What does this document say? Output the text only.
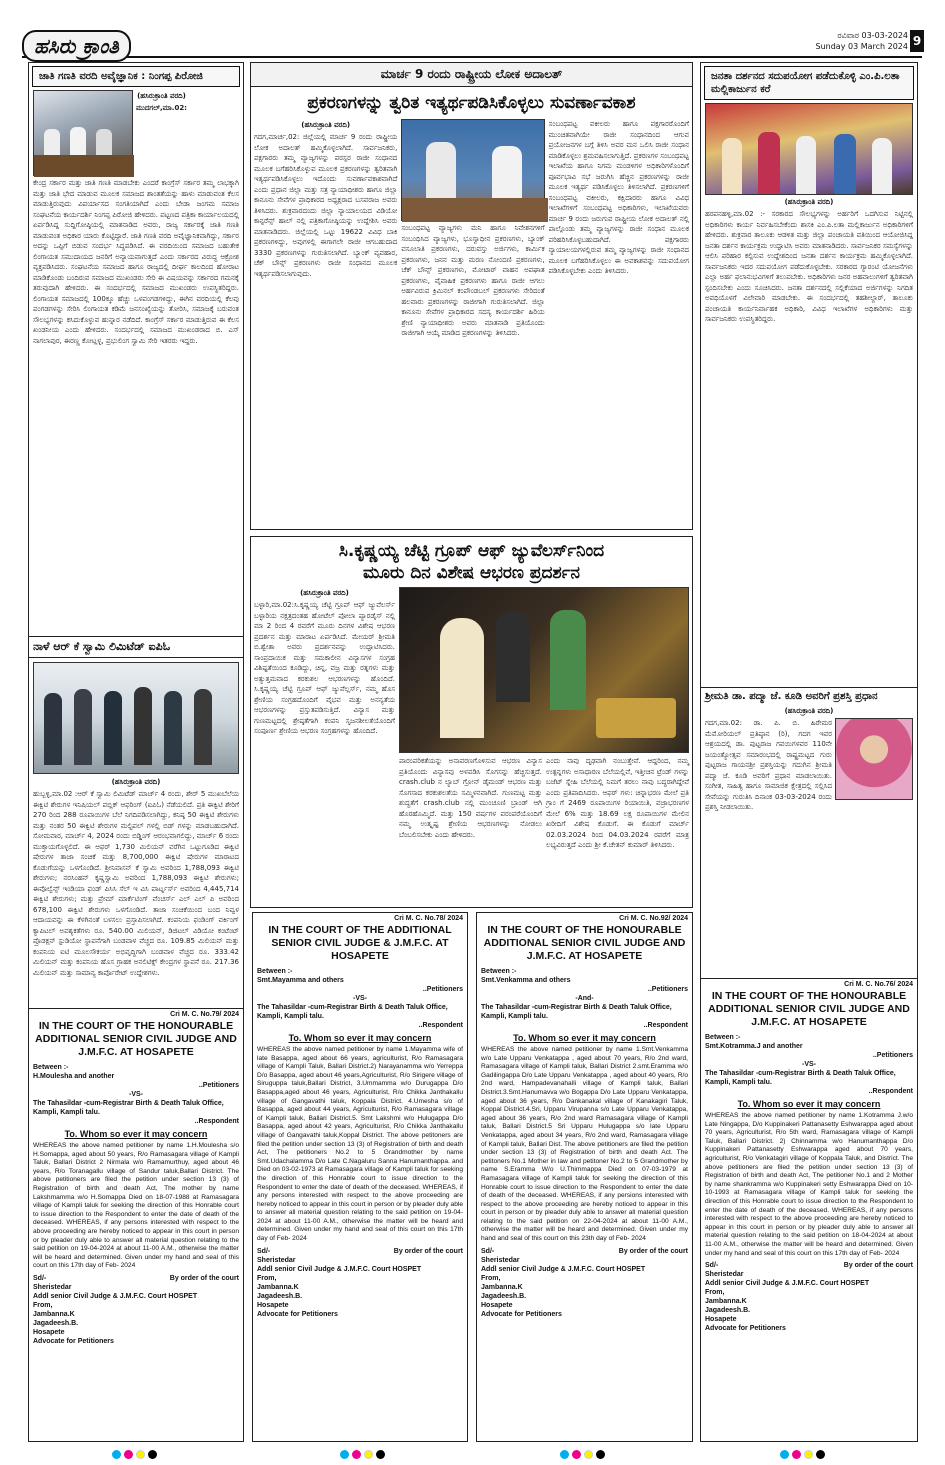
ಹಸಿರು ಕ್ರಾಂತಿ	ರವಿವಾರ 03-03-2024
Sunday 03 March 2024 9
ಜಾತಿ ಗಣತಿ ವರದಿ ಅವೈಜ್ಞಾನಿಕ : ನಿಂಗಪ್ಪ ಪಿರೋಜಿ
(ಹಸಿರುಕ್ರಾಂತಿ ವರದಿ)
ಮುದಗಲ್,ಮಾ.02:
ಕೇಂದ್ರ ಸರ್ಕಾರ ಮತ್ತು ಜಾತಿ ಗಣತಿ ಮಾಡಬೇಕು ಎಂದರೆ ಕಾಂಗ್ರೆಸ್ ಸರ್ಕಾರ ತಮ್ಮ ಲಾಭಕ್ಕಾಗಿ ಮತ್ತು ಜಾತಿ ಭೇದ ಮಾಡುವ ಮೂಲಕ ಸಮಾಜದ ಶಾಂತತೆಯನ್ನು ಹಾಳು ಮಾಡುವಂತ ಕೆಲಸ ಮಾಡುತ್ತಿರುವುದು ವಿಪರ್ಯಾಸದ ಸಂಗತಿಯಾಗಿದೆ ಎಂದು ಬೇಡಾ ಜಂಗಮ ಸಮಾಜ ಸಂಘಟನೆಯ ಕಾರ್ಯದರ್ಶಿ ನಿಂಗಪ್ಪ ಪಿರೋಜಿ ಹೇಳಿದರು. ಪಟ್ಟಣದ ಪತ್ರಿಕಾ ಕಾರ್ಯಾಲಯದಲ್ಲಿ ಏರ್ಪಡಿಸಿದ್ದ ಸುದ್ದಿಗೋಷ್ಠಿಯಲ್ಲಿ ಮಾತನಾಡಿದ ಅವರು, ರಾಜ್ಯ ಸರ್ಕಾರಕ್ಕೆ ಜಾತಿ ಗಣತಿ ಮಾಡುವಂತ ಅಧಿಕಾರ ಯಾರು ಕೊಟ್ಟಿದ್ದಾರೆ. ಜಾತಿ ಗಣತಿ ವರದಿ ಅವೈಜ್ಞಾನಿಕವಾಗಿದ್ದು, ಸರ್ಕಾರ ಅದನ್ನು ಒಪ್ಪಿಗೆ ಬಿಡುವ ಸಂದರ್ಭ ಸಿದ್ಧಪಡಿಸಿದೆ. ಈ ವರದಿಯಿಂದ ಸಮಾಜದ ಬಹುತೇಕ ಲಿಂಗಾಯತ ಸಮುದಾಯದ ಜನರಿಗೆ ಅನ್ಯಾಯವಾಗುತ್ತದೆ ಎಂದು ಸರ್ಕಾರದ ವಿರುದ್ಧ ಆಕ್ರೋಶ ವ್ಯಕ್ತಪಡಿಸಿದರು. ಸಂಘಟನೆಯ ಸಮಾಜದ ಹಾಗೂ ರಾಜ್ಯದಲ್ಲಿ ದೀರ್ಘ ಕಾಲದಿಂದ ಹೋರಾಟ ಮಾಡಿಕೊಂಡು ಬಂದಿರುವ ಸಮಾಜದ ಮುಖಂಡರು ಸೇರಿ ಈ ವಿಷಯವನ್ನು ಸರ್ಕಾರದ ಗಮನಕ್ಕೆ ತರುವುದಾಗಿ ಹೇಳಿದರು. ಈ ಸಂದರ್ಭದಲ್ಲಿ ಸಮಾಜದ ಮುಖಂಡರು ಉಪಸ್ಥಿತರಿದ್ದರು. ಲಿಂಗಾಯತ ಸಮಾಜದಲ್ಲಿ 100ಕ್ಕೂ ಹೆಚ್ಚು ಒಳಪಂಗಡಗಳಿದ್ದು, ಈಗಿನ ವರದಿಯಲ್ಲಿ ಕೆಲವು ಪಂಗಡಗಳನ್ನು ಸೇರಿಸಿ ಲಿಂಗಾಯತ ಕಡಿಮೆ ಜನಸಂಖ್ಯೆಯನ್ನು ತೋರಿಸಿ, ಸಮಾಜಕ್ಕೆ ಬರುವಂತ ಸೌಲಭ್ಯಗಳನ್ನು ಕಸಿದುಕೊಳ್ಳುವ ಹುನ್ನಾರ ನಡೆದಿದೆ. ಕಾಂಗ್ರೆಸ್ ಸರ್ಕಾರ ಮಾಡುತ್ತಿರುವ ಈ ಕೆಲಸ ಖಂಡನೀಯ ಎಂದು ಹೇಳಿದರು. ಸಂದರ್ಭದಲ್ಲಿ ಸಮಾಜದ ಮುಖಂಡರಾದ ಬಿ. ಎಸ್ ನಾಗಲಾಪುರ, ಈರಣ್ಣ ಕೋಟ್ಲಳ್ಳ, ಪ್ರಭುಲಿಂಗ ಸ್ವಾಮಿ ಸೇರಿ ಇತರರು ಇದ್ದರು.
ನಾಳೆ ಆರ್ ಕೆ ಸ್ವಾಮಿ ಲಿಮಿಟೆಡ್ ಐಪಿಓ
(ಹಸಿರುಕ್ರಾಂತಿ ವರದಿ)
ಹುಬ್ಬಳ್ಳಿ,ಮಾ.02 :ಆರ್ ಕೆ ಸ್ವಾಮಿ ಲಿಮಿಟೆಡ್ ಮಾರ್ಚ್ 4 ರಂದು, ಶೇರ್ 5 ಮುಖಬೆಲೆಯ ಈಕ್ವಿಟಿ ಶೇರುಗಳ ಇನಿಷಿಯಲ್ ಪಬ್ಲಿಕ್ ಆಫರಿಂಗ್ (ಐಪಿಓ) ನೆಡೆಯಲಿದೆ. ಪ್ರತಿ ಈಕ್ವಿಟಿ ಶೇರಿಗೆ 270 ರಿಂದ 288 ರೂಪಾಯಿಗಳ ಬೆಲೆ ನಿಗದಿಪಡಿಸಲಾಗಿದ್ದು, ಕನಿಷ್ಠ 50 ಈಕ್ವಿಟಿ ಶೇರುಗಳು ಮತ್ತು ನಂತರ 50 ಈಕ್ವಿಟಿ ಶೇರುಗಳ ಮಲ್ಟಿಪಲ್ ಗಳಲ್ಲಿ ಬಿಡ್ ಗಳನ್ನು ಮಾಡಬಹುದಾಗಿದೆ. ಸೋಮವಾರ, ಮಾರ್ಚ್ 4, 2024 ರಂದು ಬಿಡ್ಡಿಂಗ್ ಆರಂಭವಾಗಲಿದ್ದು, ಮಾರ್ಚ್ 6 ರಂದು ಮುಕ್ತಾಯಗೊಳ್ಳಲಿದೆ. ಈ ಆಫರ್ 1,730 ಮಿಲಿಯನ್ ವರೆಗಿನ ಒಟ್ಟುಗೂಡಿದ ಈಕ್ವಿಟಿ ಷೇರುಗಳ ತಾಜಾ ಸಂಚಿಕೆ ಮತ್ತು 8,700,000 ಈಕ್ವಿಟಿ ಷೇರುಗಳ ಮಾರಾಟದ ಕೊಡುಗೆಯನ್ನು ಒಳಗೊಂಡಿದೆ. ಶ್ರೀನಿವಾಸನ್ ಕೆ ಸ್ವಾಮಿ ಅವರಿಂದ 1,788,093 ಈಕ್ವಿಟಿ ಶೇರುಗಳು; ನರಸಿಂಹನ್ ಕೃಷ್ಣಸ್ವಾಮಿ ಅವರಿಂದ 1,788,093 ಈಕ್ವಿಟಿ ಶೇರುಗಳು; ಈವೊಲ್ವೆನ್ಸ್ ಇಂಡಿಯಾ ಫಂಡ್ ಪಿಸಿಸಿ ಸೆಲ್ ಇ ವಿಸಿ ಪಾರ್ಟ್ನರ್ಸ್ ಅವರಿಂದ 4,445,714 ಈಕ್ವಿಟಿ ಶೇರುಗಳು; ಮತ್ತು ಪ್ರೇಮ್ ಮಾರ್ಕೆಟಿಂಗ್ ವೆಂಚರ್ಸ್ ಎಲ್ ಎಲ್ ಪಿ ಅವರಿಂದ 678,100 ಈಕ್ವಿಟಿ ಶೇರುಗಳು ಒಳಗೊಂಡಿದೆ. ತಾಜಾ ಸಂಚಿಕೆಯಿಂದ ಬಂದ ನಿವ್ವಳ ಆದಾಯವನ್ನು ಈ ಕೆಳಗಿನಂತೆ ಬಳಸಲು ಪ್ರಸ್ತಾಪಿಸಲಾಗಿದೆ. ಕಂಪನಿಯ ಫಂಡಿಂಗ್ ವರ್ಕಿಂಗ್ ಕ್ಯಾಪಿಟಲ್ ಅವಶ್ಯಕತೆಗಳು ರೂ. 540.00 ಮಿಲಿಯನ್, ಡಿಜಿಟಲ್ ವಿಡಿಯೋ ಕಂಟೆಂಟ್ ಪ್ರೊಡಕ್ಷನ್ ಸ್ಟುಡಿಯೋ ಸ್ಥಾಪನೆಗಾಗಿ ಬಂಡವಾಳ ವೆಚ್ಚದ ರೂ. 109.85 ಮಿಲಿಯನ್ ಮತ್ತು ಕಂಪನಿಯ ಐಟಿ ಮೂಲಸೌಕರ್ಯ ಅಭಿವೃದ್ಧಿಗಾಗಿ ಬಂಡವಾಳ ವೆಚ್ಚದ ರೂ. 333.42 ಮಿಲಿಯನ್ ಮತ್ತು ಕಂಪನಿಯ ಹೊಸ ಗ್ರಾಹಕ ಅನಲಿಟಿಕ್ಸ್ ಕೇಂದ್ರಗಳ ಸ್ಥಾಪನೆ ರೂ. 217.36 ಮಿಲಿಯನ್ ಮತ್ತು ಸಾಮಾನ್ಯ ಕಾರ್ಪೊರೇಟ್ ಉದ್ದೇಶಗಳು.
ಮಾರ್ಚ 9 ರಂದು ರಾಷ್ಟ್ರೀಯ ಲೋಕ ಅದಾಲತ್
ಪ್ರಕರಣಗಳನ್ನು ತ್ವರಿತ ಇತ್ಯರ್ಥಪಡಿಸಿಕೊಳ್ಳಲು ಸುವರ್ಣಾವಕಾಶ
(ಹಸಿರುಕ್ರಾಂತಿ ವರದಿ)
ಗದಗ,ಮಾರ್ಚ,02: ಜಿಲ್ಲೆಯಲ್ಲಿ ಮಾರ್ಚ 9 ರಂದು ರಾಷ್ಟ್ರೀಯ ಲೋಕ ಅದಾಲತ್ ಹಮ್ಮಿಕೊಳ್ಳಲಾಗಿದೆ. ಸಾರ್ವಜನಿಕರು, ಪಕ್ಷಗಾರರು ತಮ್ಮ ವ್ಯಾಜ್ಯಗಳನ್ನು ಪರಸ್ಪರ ರಾಜೀ ಸಂಧಾನದ ಮೂಲಕ ಬಗೆಹರಿಸಿಕೊಳ್ಳುವ ಮೂಲಕ ಪ್ರಕರಣಗಳನ್ನು ತ್ವರಿತವಾಗಿ ಇತ್ಯರ್ಥಪಡಿಸಿಕೊಳ್ಳಲು ಇದೊಂದು ಸುವರ್ಣಾವಕಾಶವಾಗಿದೆ ಎಂದು ಪ್ರಧಾನ ಜಿಲ್ಲಾ ಮತ್ತು ಸತ್ರ ನ್ಯಾಯಾಧೀಶರು ಹಾಗೂ ಜಿಲ್ಲಾ ಕಾನೂನು ಸೇವೆಗಳ ಪ್ರಾಧಿಕಾರದ ಅಧ್ಯಕ್ಷರಾದ ಬಸವರಾಜ ಅವರು ತಿಳಿಸಿದರು. ಶುಕ್ರವಾರದಂದು ಜಿಲ್ಲಾ ನ್ಯಾಯಾಲಯದ ವಿಡಿಯೋ ಕಾನ್ಫರೆನ್ಸ್ ಹಾಲ್ ನಲ್ಲಿ ಪತ್ರಿಕಾಗೋಷ್ಠಿಯನ್ನು ಉದ್ದೇಶಿಸಿ ಅವರು ಮಾತನಾಡಿದರು. ಜಿಲ್ಲೆಯಲ್ಲಿ ಒಟ್ಟು 19622 ವಿವಿಧ ಬಾಕಿ ಪ್ರಕರಣಗಳಿದ್ದು, ಅವುಗಳಲ್ಲಿ ಈಗಾಗಲೇ ರಾಜೀ ಆಗಬಹುದಾದ 3330 ಪ್ರಕರಣಗಳನ್ನು ಗುರುತಿಸಲಾಗಿದೆ. ಬ್ಯಾಂಕ್ ವ್ಯವಹಾರ, ಚೆಕ್ ಬೌನ್ಸ್ ಪ್ರಕರಣಗಳು ರಾಜೀ ಸಂಧಾನದ ಮೂಲಕ ಇತ್ಯರ್ಥಪಡಿಸಲಾಗುವುದು.
ಸಂಬಂಧಪಟ್ಟ ವ್ಯಾಜ್ಯಗಳು ಮನಿ ಹಾಗೂ ನಿವೇಶನಗಳಿಗೆ ಸಂಬಂಧಿಸಿದ ವ್ಯಾಜ್ಯಗಳು, ಭೂಸ್ವಾಧೀನ ಪ್ರಕರಣಗಳು, ಬ್ಯಾಂಕ್ ವಸೂಲಾತಿ ಪ್ರಕರಣಗಳು, ದರುವಸ್ತು ಅರ್ಜಿಗಳು, ಕಾರ್ಮಿಕ ಪ್ರಕರಣಗಳು, ಜನನ ಮತ್ತು ಮರಣ ನೋಂದಣಿ ಪ್ರಕರಣಗಳು, ಚೆಕ್ ಬೌನ್ಸ್ ಪ್ರಕರಣಗಳು, ಮೋಟಾರ್ ವಾಹನ ಅಪಘಾತ ಪ್ರಕರಣಗಳು, ವೈವಾಹಿಕ ಪ್ರಕರಣಗಳು ಹಾಗೂ ರಾಜೀ ಆಗಲು ಅರ್ಹವಿರುವ ಕ್ರಿಮಿನಲ್ ಕಂಪೌಂಡಬಲ್ ಪ್ರಕರಣಗಳು ಸೇರಿದಂತೆ ಹಲವಾರು ಪ್ರಕರಣಗಳನ್ನು ರಾಜೀಗಾಗಿ ಗುರುತಿಸಲಾಗಿದೆ. ಜಿಲ್ಲಾ ಕಾನೂನು ಸೇವೆಗಳ ಪ್ರಾಧಿಕಾರದ ಸದಸ್ಯ ಕಾರ್ಯದರ್ಶಿ ಹಿರಿಯ ಶ್ರೇಣಿ ನ್ಯಾಯಾಧೀಶರು ಅವರು ಮಾತನಾಡಿ ಪ್ರತಿಯೊಂದು ರಾಜೀಗಾಗಿ ಆಯ್ಕೆ ಮಾಡಿದ ಪ್ರಕರಣಗಳನ್ನು ತಿಳಿಸಿದರು.
ಸಂಬಂಧಪಟ್ಟ ವಕೀಲರು ಹಾಗೂ ಪಕ್ಷಗಾರರೊಂದಿಗೆ ಮುಂಚಿತವಾಗಿಯೇ ರಾಜೀ ಸಂಧಾನದಿಂದ ಆಗುವ ಪ್ರಯೋಜನಗಳ ಬಗ್ಗೆ ತಿಳಿಸಿ ಅವರ ಮನ ಒಲಿಸಿ ರಾಜೀ ಸಂಧಾನ ಮಾಡಿಕೊಳ್ಳಲು ಶ್ರಮವಹಿಸಲಾಗುತ್ತಿದೆ. ಪ್ರಕರಣಗಳ ಸಂಬಂಧಪಟ್ಟ ಇಲಾಖೆಯ ಹಾಗೂ ನಿಗಮ ಮಂಡಳಿಗಳ ಅಧಿಕಾರಿಗಳೊಂದಿಗೆ ಪೂರ್ವಭಾವಿ ಸಭೆ ಜರುಗಿಸಿ ಹೆಚ್ಚಿನ ಪ್ರಕರಣಗಳನ್ನು ರಾಜೀ ಮೂಲಕ ಇತ್ಯರ್ಥ ಪಡಿಸಿಕೊಳ್ಳಲು ತಿಳಿಸಲಾಗಿದೆ. ಪ್ರಕರಣಗಳಿಗೆ ಸಂಬಂಧಪಟ್ಟ ವಕೀಲರು, ಕಕ್ಷಿದಾರರು ಹಾಗೂ ವಿವಿಧ ಇಲಾಖೆಗಳಿಗೆ ಸಂಬಂಧಪಟ್ಟ ಅಧಿಕಾರಿಗಳು, ಇಲಾಖೆಯವರು ಮಾರ್ಚ 9 ರಂದು ಜರುಗುವ ರಾಷ್ಟ್ರೀಯ ಲೋಕ ಅದಾಲತ್ ನಲ್ಲಿ ಪಾಲ್ಗೊಂಡು ತಮ್ಮ ವ್ಯಾಜ್ಯಗಳನ್ನು ರಾಜೀ ಸಂಧಾನ ಮೂಲಕ ಪರಿಹರಿಸಿಕೊಳ್ಳಬಹುದಾಗಿದೆ. ಪಕ್ಷಗಾರರು ನ್ಯಾಯಾಲಯಗಳಲ್ಲಿರುವ ತಮ್ಮ ವ್ಯಾಜ್ಯಗಳನ್ನು ರಾಜೀ ಸಂಧಾನದ ಮೂಲಕ ಬಗೆಹರಿಸಿಕೊಳ್ಳಲು ಈ ಅವಕಾಶವನ್ನು ಸದುಪಯೋಗ ಪಡಿಸಿಕೊಳ್ಳಬೇಕು ಎಂದು ತಿಳಿಸಿದರು.
ಸಿ.ಕೃಷ್ಣಯ್ಯ ಚೆಟ್ಟಿ ಗ್ರೂಪ್ ಆಫ್ ಜ್ಯುವೆಲರ್ಸ್‌ನಿಂದ
ಮೂರು ದಿನ ವಿಶೇಷ ಆಭರಣ ಪ್ರದರ್ಶನ
(ಹಸಿರುಕ್ರಾಂತಿ ವರದಿ)
ಬಳ್ಳಾರಿ,ಮಾ.02:ಸಿ.ಕೃಷ್ಣಯ್ಯ ಚೆಟ್ಟಿ ಗ್ರೂಪ್ ಆಫ್ ಜ್ಯುವೆಲರ್ಸ್ ಬಳ್ಳಾರಿಯ ನಕ್ಷತ್ರದಂತಹ ಹೋಟೆಲ್ ಪೋಲಾ ಪ್ಯಾರಡೈಸ್ ನಲ್ಲಿ ಮಾ 2 ರಿಂದ 4 ರವರೆಗೆ ಮೂರು ದಿನಗಳ ವಿಶೇಷ ಆಭರಣ ಪ್ರದರ್ಶನ ಮತ್ತು ಮಾರಾಟ ಏರ್ಪಡಿಸಿದೆ. ಮೇಯರ್ ಶ್ರೀಮತಿ ಬಿ.ಶ್ವೇತಾ ಅವರು ಪ್ರದರ್ಶನವನ್ನು ಉದ್ಘಾಟಿಸಿದರು. ಸಾಂಪ್ರದಾಯಿಕ ಮತ್ತು ಸಮಕಾಲೀನ ವಿನ್ಯಾಸಗಳ ಸಂಗ್ರಹ ವಿಶಿಷ್ಟತೆಯಿಂದ ಕೂಡಿದ್ದು, ಚಿನ್ನ, ವಜ್ರ ಮತ್ತು ರತ್ನಗಳು ಮತ್ತು ಅತ್ಯುತ್ತಮವಾದ ಕರಕುಶಲ ಆಭರಣಗಳನ್ನು ಹೊಂದಿದೆ. ಸಿ.ಕೃಷ್ಣಯ್ಯ ಚೆಟ್ಟಿ ಗ್ರೂಪ್ ಆಫ್ ಜ್ಯುವೆಲ್ಲರ್ಸ್, ನಮ್ಮ ಹೊಸ ಶ್ರೇಣಿಯ ಸಂಗ್ರಹದೊಂದಿಗೆ ವೈಭವ ಮತ್ತು ಅನನ್ಯತೆಯ ಆಭರಣಗಳನ್ನು ಪ್ರಸ್ತುತಪಡಿಸುತ್ತಿದೆ. ವಿನ್ಯಾಸ ಮತ್ತು ಗುಣಮಟ್ಟದಲ್ಲಿ ಶ್ರೇಷ್ಠತೆಗಾಗಿ ಕಂಪನಿ ಸೃಜನಶೀಲತೆಯೊಂದಿಗೆ ಸಂಪೂರ್ಣ ಶ್ರೇಣಿಯ ಆಭರಣ ಸಂಗ್ರಹಗಳನ್ನು ಹೊಂದಿದೆ.
ಪಾರಂಪರಿಕತೆಯನ್ನು ಅನಾವರಣಗೊಳಿಸುವ ಆಭರಣ ವಿನ್ಯಾಸ ಪ್ರತಿಯೊಂದು ವಿನ್ಯಾಸವು ಅಳವಡಿಸಿ ಸೊಗಸನ್ನು ಹೆಚ್ಚಿಸುತ್ತದೆ. crash.club ನ ಲ್ಯಾಬ್ ಗ್ರೋನ್ ಡೈಮಂಡ್ ಆಭರಣ ಮತ್ತು ಸೊಗಸಾದ ಕರಕುಶಲತೆಯ ಸಮ್ಮಿಳನವಾಗಿದೆ. ಗುಣಮಟ್ಟ ಮತ್ತು ಶುದ್ಧತೆಗೆ crash.club ನಲ್ಲಿ ಮುಂಚೂಣಿ ಬ್ರಾಂಡ್ ಆಗಿ ಹೊರಹೊಮ್ಮಿದೆ. ಮತ್ತು 150 ವರ್ಷಗಳ ಪರಂಪರೆಯೊಂದಿಗೆ ನಮ್ಮ ಉತ್ಕೃಷ್ಟ ಶ್ರೇಣಿಯ ಆಭರಣಗಳನ್ನು ನೋಡಲು ಬೆಂಬಲಿಸಬೇಕು ಎಂದು ಹೇಳಿದರು.
ಎಂದು ನಾವು ದೃಢವಾಗಿ ನಂಬುತ್ತೇವೆ. ಆದ್ದರಿಂದ, ನಮ್ಮ ಉತ್ಪನ್ನಗಳು ಅಸಾಧಾರಣ ಬೆಲೆಯಲ್ಲಿವೆ, ಇತ್ತೀಚಿನ ಟ್ರೆಂಡ್ ಗಳನ್ನು ಬಜೆಟ್ ಸ್ನೇಹಿ ಬೆಲೆಯಲ್ಲಿ ನಿಮಗೆ ತರಲು ನಾವು ಬದ್ಧರಾಗಿದ್ದೇವೆ ಎಂದು ಪ್ರತಿಪಾದಿಸಿದರು. ಆಫರ್ ಗಳು: ಚಿನ್ನಾಭರಣ ಮೇಲೆ ಪ್ರತಿ ಗ್ರಾಂ ಗೆ 2469 ರೂಪಾಯಿಗಳ ರಿಯಾಯಿತಿ, ವಜ್ರಾಭರಣಗಳ ಮೇಲೆ 6% ಮತ್ತು 18.69 ಲಕ್ಷ ರೂಪಾಯಿಗಳ ಮೇಲಿನ ಖರೀದಿಗೆ ವಿಶೇಷ ಕೊಡುಗೆ. ಈ ಕೊಡುಗೆ ಮಾರ್ಚ್ 02.03.2024 ರಿಂದ 04.03.2024 ರವರೆಗೆ ಮಾತ್ರ ಲಭ್ಯವಿರುತ್ತದೆ ಎಂದು ಶ್ರೀ ಕೆ.ಚೇತನ್ ಕುಮಾರ್ ತಿಳಿಸಿದರು.
ಜನತಾ ದರ್ಶನದ ಸದುಪಯೋಗ ಪಡೆದುಕೊಳ್ಳಿ ಎಂ.ಪಿ.ಲತಾ ಮಲ್ಲಿಕಾರ್ಜುನ ಕರೆ
(ಹಸಿರುಕ್ರಾಂತಿ ವರದಿ)
ಹರಪನಹಳ್ಳಿ,ಮಾ.02 :- ಸರಕಾರದ ಸೌಲಭ್ಯಗಳನ್ನು ಅರ್ಹರಿಗೆ ಒದಗಿಸುವ ನಿಟ್ಟಿನಲ್ಲಿ ಅಧಿಕಾರಿಗಳು ಕಾರ್ಯ ನಿರ್ವಹಿಸಬೇಕೆಂದು ಶಾಸಕಿ ಎಂ.ಪಿ.ಲತಾ ಮಲ್ಲಿಕಾರ್ಜುನ ಅಧಿಕಾರಿಗಳಿಗೆ ಹೇಳಿದರು. ಶುಕ್ರವಾರ ತಾಲೂಕು ಆಡಳಿತ ಮತ್ತು ಜಿಲ್ಲಾ ಪಂಚಾಯತಿ ವತಿಯಿಂದ ಆಯೋಜಿಸಿದ್ದ ಜನತಾ ದರ್ಶನ ಕಾರ್ಯಕ್ರಮ ಉದ್ಘಾಟಿಸಿ ಅವರು ಮಾತನಾಡಿದರು. ಸಾರ್ವಜನಿಕರ ಸಮಸ್ಯೆಗಳನ್ನು ಆಲಿಸಿ ಪರಿಹಾರ ಕಲ್ಪಿಸುವ ಉದ್ದೇಶದಿಂದ ಜನತಾ ದರ್ಶನ ಕಾರ್ಯಕ್ರಮ ಹಮ್ಮಿಕೊಳ್ಳಲಾಗಿದೆ. ಸಾರ್ವಜನಿಕರು ಇದರ ಸದುಪಯೋಗ ಪಡೆದುಕೊಳ್ಳಬೇಕು. ಸರಕಾರದ ಗ್ಯಾರಂಟಿ ಯೋಜನೆಗಳು ಎಲ್ಲಾ ಅರ್ಹ ಫಲಾನುಭವಿಗಳಿಗೆ ತಲುಪಬೇಕು. ಅಧಿಕಾರಿಗಳು ಜನರ ಅಹವಾಲುಗಳಿಗೆ ತ್ವರಿತವಾಗಿ ಸ್ಪಂದಿಸಬೇಕು ಎಂದು ಸೂಚಿಸಿದರು. ಜನತಾ ದರ್ಶನದಲ್ಲಿ ಸಲ್ಲಿಕೆಯಾದ ಅರ್ಜಿಗಳನ್ನು ನಿಗದಿತ ಅವಧಿಯೊಳಗೆ ವಿಲೇವಾರಿ ಮಾಡಬೇಕು. ಈ ಸಂದರ್ಭದಲ್ಲಿ ತಹಶೀಲ್ದಾರ್, ತಾಲೂಕು ಪಂಚಾಯತಿ ಕಾರ್ಯನಿರ್ವಾಹಕ ಅಧಿಕಾರಿ, ವಿವಿಧ ಇಲಾಖೆಗಳ ಅಧಿಕಾರಿಗಳು ಮತ್ತು ಸಾರ್ವಜನಿಕರು ಉಪಸ್ಥಿತರಿದ್ದರು.
ಶ್ರೀಮತಿ ಡಾ. ಪದ್ಮಾ ಜೆ. ಕೂಡಿ ಅವರಿಗೆ ಪ್ರಶಸ್ತಿ ಪ್ರಧಾನ
(ಹಸಿರುಕ್ರಾಂತಿ ವರದಿ)
ಗದಗ,ಮಾ.02: ಡಾ. ಪಿ. ಬಿ. ಹಿರೇಮಠ ಮೆಮೋರಿಯಲ್ ಪ್ರತಿಷ್ಠಾನ (ರಿ), ಗದಗ ಇವರ ಆಶ್ರಯದಲ್ಲಿ ಡಾ. ಪುಟ್ಟರಾಜ ಗವಯಿಗಳವರ 110ನೇ ಜಯಂತ್ಯೋತ್ಸವ ಸಮಾರಂಭದಲ್ಲಿ ರಾಷ್ಟ್ರಮಟ್ಟದ ಗುರು ಪುಟ್ಟರಾಜ ಗಾಯನಶ್ರೀ ಪ್ರಶಸ್ತಿಯನ್ನು ಗದುಗಿನ ಶ್ರೀಮತಿ ಪದ್ಮಾ ಜೆ. ಕೂಡಿ ಅವರಿಗೆ ಪ್ರಧಾನ ಮಾಡಲಾಯಿತು. ಸಂಗೀತ, ಸಾಹಿತ್ಯ ಹಾಗೂ ಸಾಮಾಜಿಕ ಕ್ಷೇತ್ರದಲ್ಲಿ ಸಲ್ಲಿಸಿದ ಸೇವೆಯನ್ನು ಗುರುತಿಸಿ ದಿನಾಂಕ 03-03-2024 ರಂದು ಪ್ರಶಸ್ತಿ ನೀಡಲಾಯಿತು.
Cri M. C. No.79/ 2024
IN THE COURT OF THE HONOURABLE ADDITIONAL SENIOR CIVIL JUDGE AND J.M.F.C. AT HOSAPETE
Between :-
H.Moulesha and another
..Petitioners
-VS-
The Tahasildar -cum-Registrar Birth & Death Taluk Office, Kampli, Kampli talu.
..Respondent
To. Whom so ever it may concern
WHEREAS the above named petitioner by name 1.H.Moulesha s/o H.Somappa, aged about 50 years, R/o Ramasagara village of Kampli Taluk, Ballari District 2 Nirmala w/o Ramamurthuy, aged about 46 years, R/o Toranagallu village of Sandur taluk,Ballari District. The above petitioners are filed the petition under section 13 (3) of Registration of birth and death Act, The mother by name Lakshmamma w/o H.Somappa Died on 18-07-1988 at Ramasagara village of Kampli taluk for seeking the direction of this Honrable court to issue direction to the Respondent to enter the date of death of the deceased. WHEREAS, if any persons interested with respect to the above proceeding are hereby noticed to appear in this court in person or by pleader duly able to answer all material question relating to the said petition on 19-04-2024 at about 11-00 A.M., otherwise the matter will be heard and determined. Given under my hand and seal of this court on this 17th day of Feb- 2024
Sd/-	By order of the court
Sheristedar
Addl senior Civil Judge & J.M.F.C. Court HOSPET
From,
Jambanna.K
Jagadeesh.B.
Hosapete
Advocate for Petitioners
Cri M. C. No.78/ 2024
IN THE COURT OF THE ADDITIONAL SENIOR CIVIL JUDGE & J.M.F.C. AT HOSAPETE
Between :-
Smt.Mayamma and others
..Petitioners
-VS-
The Tahasildar -cum-Registrar Birth & Death Taluk Office, Kampli, Kampli talu.
..Respondent
To. Whom so ever it may concern
WHEREAS the above named petitioner by name 1.Mayamma wife of late Basappa, aged about 66 years, agriculturist, R/o Ramasagara village of Kampli Taluk, Ballari District.2) Narayanamma w/o Yerreppa D/o Basappa, aged about 46 years,Agriculturist, R/o Sirigere village of Siruguppa taluk,Ballari District, 3.Ummamma w/o Durugappa D/o Basappa,aged about 46 years, Agriculturist, R/o Chikka Janthakallu village of Gangavathi taluk, Koppala District. 4.Umesha s/o of Basappa, aged about 44 years, Agriculturist, R/o Ramasagara village of Kampli taluk, Ballari District.5. Smt Lakshmi w/o Hulugappa D/o Basappa, aged about 42 years, Agriculturist, R/o Chikka Janthakallu village of Gangavathi taluk,Koppal District. The above petitoners are filed the petition under section 13 (3) of Registration of birth and death Act, The petitioners No.2 to 5 Grandmother by name Smt.Udachalamma D/o Late C.Nagaluru Sanna Hanumanthappa. and Died on 03-02-1973 at Ramasagara village of Kampli taluk for seeking the direction of this Honrable court to issue direction to the Respondent to enter the date of death of the deceased. WHEREAS, if any persons interested with respect to the above proceeding are hereby noticed to appear in this court in person or by pleader duly able to answer all material question relating to the said petition on 19-04-2024 at about 11-00 A.M., otherwise the matter will be heard and determined. Given under my hand and seal of this court on this 17th day of Feb- 2024
Sd/-	By order of the court
Sheristedar
Addl senior Civil Judge & J.M.F.C. Court HOSPET
From,
Jambanna.K
Jagadeesh.B.
Hosapete
Advocate for Petitioners
Cri M. C. No.92/ 2024
IN THE COURT OF THE HONOURABLE ADDITIONAL SENIOR CIVIL JUDGE AND J.M.F.C. AT HOSAPETE
Between :-
Smt.Venkamma and others
..Petitioners
-And-
The Tahasildar -cum-Registrar Birth & Death Taluk Office, Kampli, Kampli talu.
..Respondent
To. Whom so ever it may concern
WHEREAS the above named petitioner by name 1.Smt.Venkamma w/o Late Upparu Venkatappa , aged about 70 years, R/o 2nd ward, Ramasagara village of Kampli taluk, Ballari District 2.smt.Eramma w/o Gadilingappa D/o Late Upparu Venkatappa , aged about 40 years, R/o 2nd ward, Hampadevanahalli village of Kampli taluk, Ballari District.3.Smt.Hanumavva w/o Bogappa D/o Late Upparu Venkatappa, aged about 36 years, R/o Dankanakal village of Kanakagiri Taluk, Koppal District.4.Sri, Upparu Virupanna s/o Late Upparu Venkatappa, aged about 36 years, R/o 2nd ward Ramasagara village of Kampli taluk, Ballari District.5 Sri Upparu Hulugappa s/o late Upparu Venkatappa, aged about 34 years, R/o 2nd ward, Ramasagara village of Kampli taluk, Ballari Dist. The above petitioners are filed the petition under section 13 (3) of Registration of birth and death Act. The petitoners No.1 Mother in law and petitoner No.2 to 5 Grandmother by name S.Eramma W/o U.Thimmappa Died on 07-03-1979 at Ramasagara village of Kampli taluk for seeking the direction of this Honrable court to issue direction to the Respondent to enter the date of death of the deceased. WHEREAS, if any persions interested with respect to the above proceeding are hereby noticed to appear in this court in person or by pleader duly able to answer all material question relating to the said petition on 22-04-2024 at about 11-00 A.M., otherwise the matter will be heard and determined. Given under my hand and seal of this court on this 23th day of Feb- 2024
Sd/-	By order of the court
Sheristedar
Addl senior Civil Judge & J.M.F.C. Court HOSPET
From,
Jambanna.K
Jagadeesh.B.
Hosapete
Advocate for Petitioners
Cri M. C. No.76/ 2024
IN THE COURT OF THE HONOURABLE ADDITIONAL SENIOR CIVIL JUDGE AND J.M.F.C. AT HOSAPETE
Between :-
Smt.Kotramma.J and another
..Petitioners
-VS-
The Tahasildar -cum-Registrar Birth & Death Taluk Office, Kampli, Kampli talu.
..Respondent
To. Whom so ever it may concern
WHEREAS the above named petitioner by name 1.Kotramma J.w/o Late Ningappa, D/o Kuppinakeri Pattanasetty Eshwarappa aged about 70 years, Agriculturist, R/o 5th ward, Ramasagara village of Kampli Taluk, Ballari District. 2) Chinnamma w/o Hanumanthappa D/o Kuppinakeri Pattanasetty Eshwarappa aged about 70 years, agriculturist, R/o Venkatagiri village of Koppala Taluk, and District. The above petitioners are filed the petition under section 13 (3) of Registration of birth and death Act, The petitioner No.1 and 2 Mother by name shankramma w/o Kuppinakeri setty Eshwarappa Died on 10-10-1993 at Ramasagara village of Kampli taluk for seeking the direction of this Honrable court to issue direction to the Respondent to enter the date of death of the deceased. WHEREAS, if any persons interested with respect to the above proceeding are hereby noticed to appear in this court in person or by pleader duly able to answer all material question relating to the said petition on 18-04-2024 at about 11-00 A.M., otherwise the matter will be heard and determined. Given under my hand and seal of this court on this 17th day of Feb- 2024
Sd/-	By order of the court
Sheristedar
Addl senior Civil Judge & J.M.F.C. Court HOSPET
From,
Jambanna.K
Jagadeesh.B.
Hosapete
Advocate for Petitioners
